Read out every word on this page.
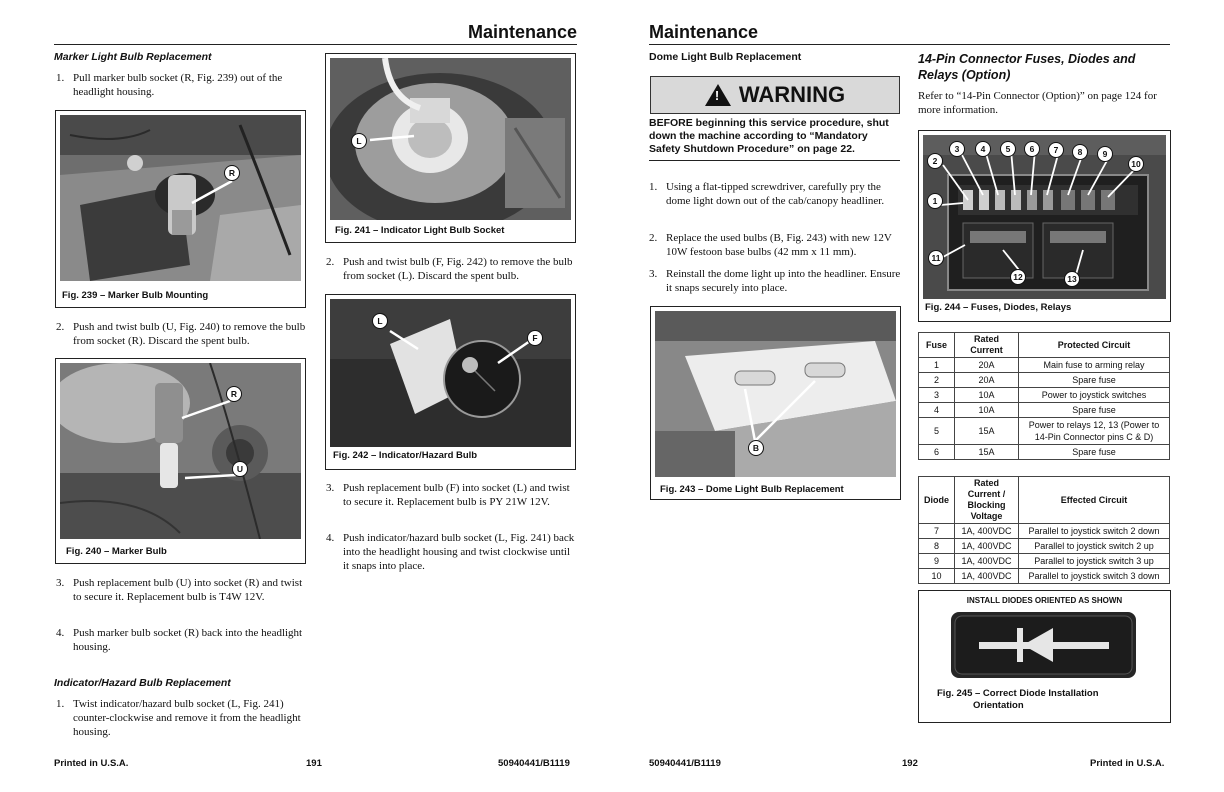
Maintenance
Marker Light Bulb Replacement
1. Pull marker bulb socket (R, Fig. 239) out of the headlight housing.
R
Fig. 239 – Marker Bulb Mounting
2. Push and twist bulb (U, Fig. 240) to remove the bulb from socket (R). Discard the spent bulb.
R
U
Fig. 240 – Marker Bulb
3. Push replacement bulb (U) into socket (R) and twist to secure it. Replacement bulb is T4W 12V.
4. Push marker bulb socket (R) back into the headlight housing.
Indicator/Hazard Bulb Replacement
1. Twist indicator/hazard bulb socket (L, Fig. 241) counter-clockwise and remove it from the headlight housing.
L
Fig. 241 – Indicator Light Bulb Socket
2. Push and twist bulb (F, Fig. 242) to remove the bulb from socket (L). Discard the spent bulb.
L
F
Fig. 242 – Indicator/Hazard Bulb
3. Push replacement bulb (F) into socket (L) and twist to secure it. Replacement bulb is PY 21W 12V.
4. Push indicator/hazard bulb socket (L, Fig. 241) back into the headlight housing and twist clockwise until it snaps into place.
Printed in U.S.A.	191	50940441/B1119
Maintenance
Dome Light Bulb Replacement
! WARNING
BEFORE beginning this service procedure, shut down the machine according to “Mandatory Safety Shutdown Procedure” on page 22.
1. Using a flat-tipped screwdriver, carefully pry the dome light down out of the cab/canopy headliner.
2. Replace the used bulbs (B, Fig. 243) with new 12V 10W festoon base bulbs (42 mm x 11 mm).
3. Reinstall the dome light up into the headliner. Ensure it snaps securely into place.
B
Fig. 243 – Dome Light Bulb Replacement
14-Pin Connector Fuses, Diodes and Relays (Option)
Refer to “14-Pin Connector (Option)” on page 124 for more information.
1
2
3	4	5	6	7	8	9
10
11
12	13
Fig. 244 – Fuses, Diodes, Relays
Fuse	Rated Current	Protected Circuit
1	20A	Main fuse to arming relay
2	20A	Spare fuse
3	10A	Power to joystick switches
4	10A	Spare fuse
5	15A	Power to relays 12, 13 (Power to 14-Pin Connector pins C & D)
6	15A	Spare fuse
Diode	Rated Current / Blocking Voltage	Effected Circuit
7	1A, 400VDC	Parallel to joystick switch 2 down
8	1A, 400VDC	Parallel to joystick switch 2 up
9	1A, 400VDC	Parallel to joystick switch 3 up
10	1A, 400VDC	Parallel to joystick switch 3 down
INSTALL DIODES ORIENTED AS SHOWN
Fig. 245 – Correct Diode Installation
Orientation
50940441/B1119	192	Printed in U.S.A.
